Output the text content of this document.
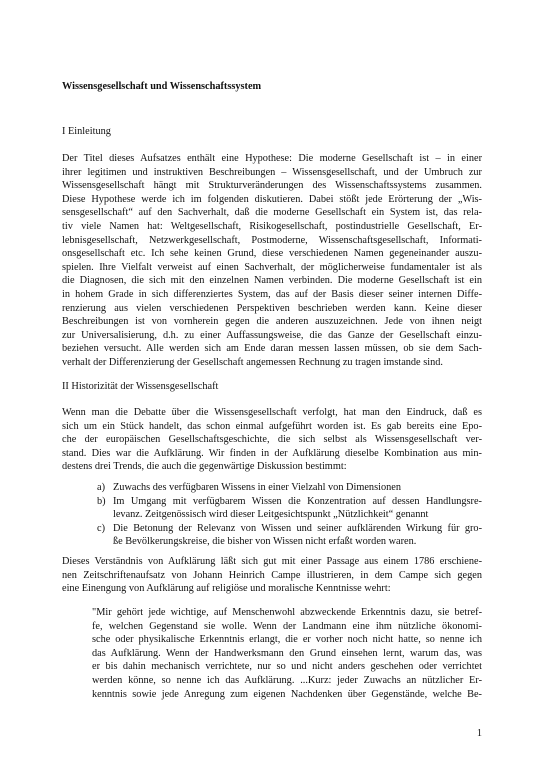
Wissensgesellschaft und Wissenschaftssystem
I Einleitung
Der Titel dieses Aufsatzes enthält eine Hypothese: Die moderne Gesellschaft ist – in einer
ihrer legitimen und instruktiven Beschreibungen – Wissensgesellschaft, und der Umbruch zur
Wissensgesellschaft hängt mit Strukturveränderungen des Wissenschaftssystems zusammen.
Diese Hypothese werde ich im folgenden diskutieren. Dabei stößt jede Erörterung der „Wis-
sensgesellschaft“ auf den Sachverhalt, daß die moderne Gesellschaft ein System ist, das rela-
tiv viele Namen hat: Weltgesellschaft, Risikogesellschaft, postindustrielle Gesellschaft, Er-
lebnisgesellschaft, Netzwerkgesellschaft, Postmoderne, Wissenschaftsgesellschaft, Informati-
onsgesellschaft etc. Ich sehe keinen Grund, diese verschiedenen Namen gegeneinander auszu-
spielen. Ihre Vielfalt verweist auf einen Sachverhalt, der möglicherweise fundamentaler ist als
die Diagnosen, die sich mit den einzelnen Namen verbinden. Die moderne Gesellschaft ist ein
in hohem Grade in sich differenziertes System, das auf der Basis dieser seiner internen Diffe-
renzierung aus vielen verschiedenen Perspektiven beschrieben werden kann. Keine dieser
Beschreibungen ist von vornherein gegen die anderen auszuzeichnen. Jede von ihnen neigt
zur Universalisierung, d.h. zu einer Auffassungsweise, die das Ganze der Gesellschaft einzu-
beziehen versucht. Alle werden sich am Ende daran messen lassen müssen, ob sie dem Sach-
verhalt der Differenzierung der Gesellschaft angemessen Rechnung zu tragen imstande sind.
II Historizität der Wissensgesellschaft
Wenn man die Debatte über die Wissensgesellschaft verfolgt, hat man den Eindruck, daß es
sich um ein Stück handelt, das schon einmal aufgeführt worden ist. Es gab bereits eine Epo-
che der europäischen Gesellschaftsgeschichte, die sich selbst als Wissensgesellschaft ver-
stand. Dies war die Aufklärung. Wir finden in der Aufklärung dieselbe Kombination aus min-
destens drei Trends, die auch die gegenwärtige Diskussion bestimmt:
a) Zuwachs des verfügbaren Wissens in einer Vielzahl von Dimensionen
b) Im Umgang mit verfügbarem Wissen die Konzentration auf dessen Handlungsre-
levanz. Zeitgenössisch wird dieser Leitgesichtspunkt „Nützlichkeit“ genannt
c) Die Betonung der Relevanz von Wissen und seiner aufklärenden Wirkung für gro-
ße Bevölkerungskreise, die bisher von Wissen nicht erfaßt worden waren.
Dieses Verständnis von Aufklärung läßt sich gut mit einer Passage aus einem 1786 erschiene-
nen Zeitschriftenaufsatz von Johann Heinrich Campe illustrieren, in dem Campe sich gegen
eine Einengung von Aufklärung auf religiöse und moralische Kenntnisse wehrt:
"Mir gehört jede wichtige, auf Menschenwohl abzweckende Erkenntnis dazu, sie betref-
fe, welchen Gegenstand sie wolle. Wenn der Landmann eine ihm nützliche ökonomi-
sche oder physikalische Erkenntnis erlangt, die er vorher noch nicht hatte, so nenne ich
das Aufklärung. Wenn der Handwerksmann den Grund einsehen lernt, warum das, was
er bis dahin mechanisch verrichtete, nur so und nicht anders geschehen oder verrichtet
werden könne, so nenne ich das Aufklärung. ...Kurz: jeder Zuwachs an nützlicher Er-
kenntnis sowie jede Anregung zum eigenen Nachdenken über Gegenstände, welche Be-
1
